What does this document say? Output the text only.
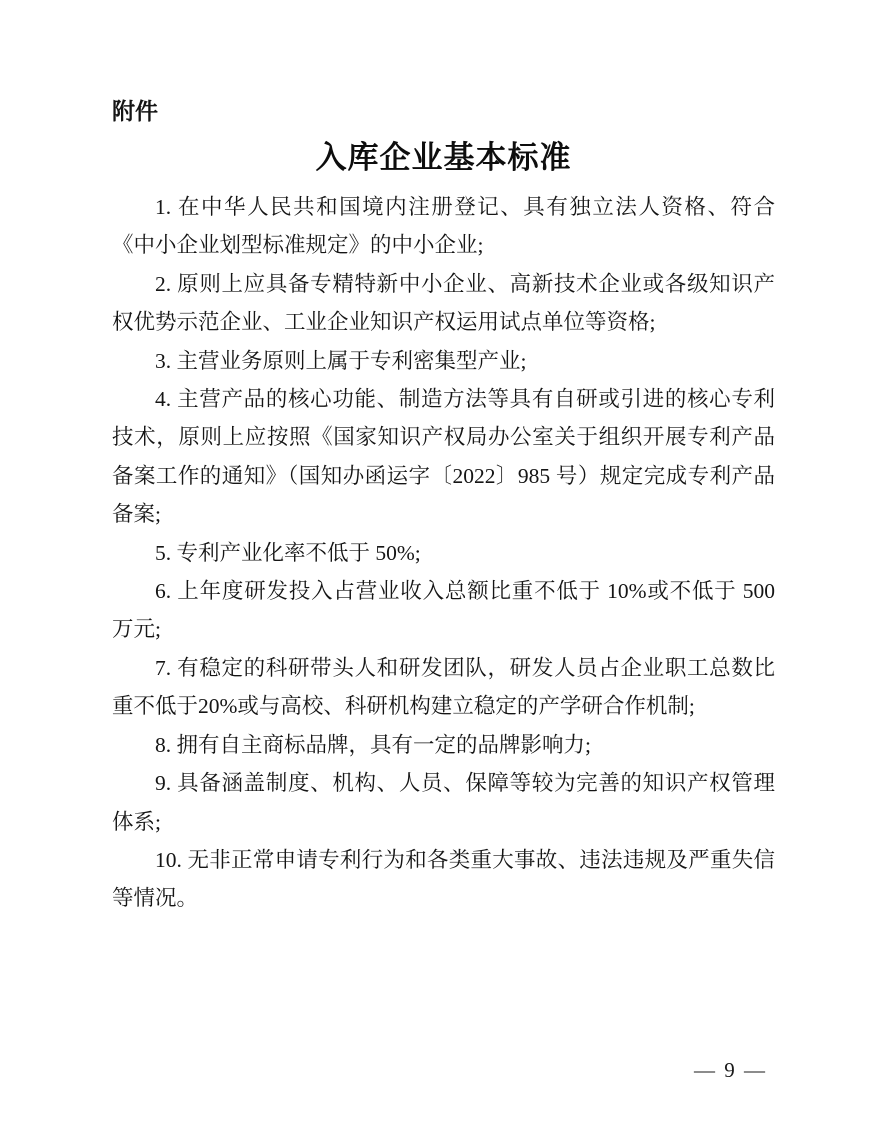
附件
入库企业基本标准

1. 在中华人民共和国境内注册登记、具有独立法人资格、符合《中小企业划型标准规定》的中小企业;

2. 原则上应具备专精特新中小企业、高新技术企业或各级知识产权优势示范企业、工业企业知识产权运用试点单位等资格;

3. 主营业务原则上属于专利密集型产业;

4. 主营产品的核心功能、制造方法等具有自研或引进的核心专利技术，原则上应按照《国家知识产权局办公室关于组织开展专利产品备案工作的通知》（国知办函运字〔2022〕985 号）规定完成专利产品备案;

5. 专利产业化率不低于 50%;

6. 上年度研发投入占营业收入总额比重不低于 10%或不低于 500 万元;

7. 有稳定的科研带头人和研发团队，研发人员占企业职工总数比重不低于20%或与高校、科研机构建立稳定的产学研合作机制;

8. 拥有自主商标品牌，具有一定的品牌影响力;

9. 具备涵盖制度、机构、人员、保障等较为完善的知识产权管理体系;

10. 无非正常申请专利行为和各类重大事故、违法违规及严重失信等情况。

— 9 —
